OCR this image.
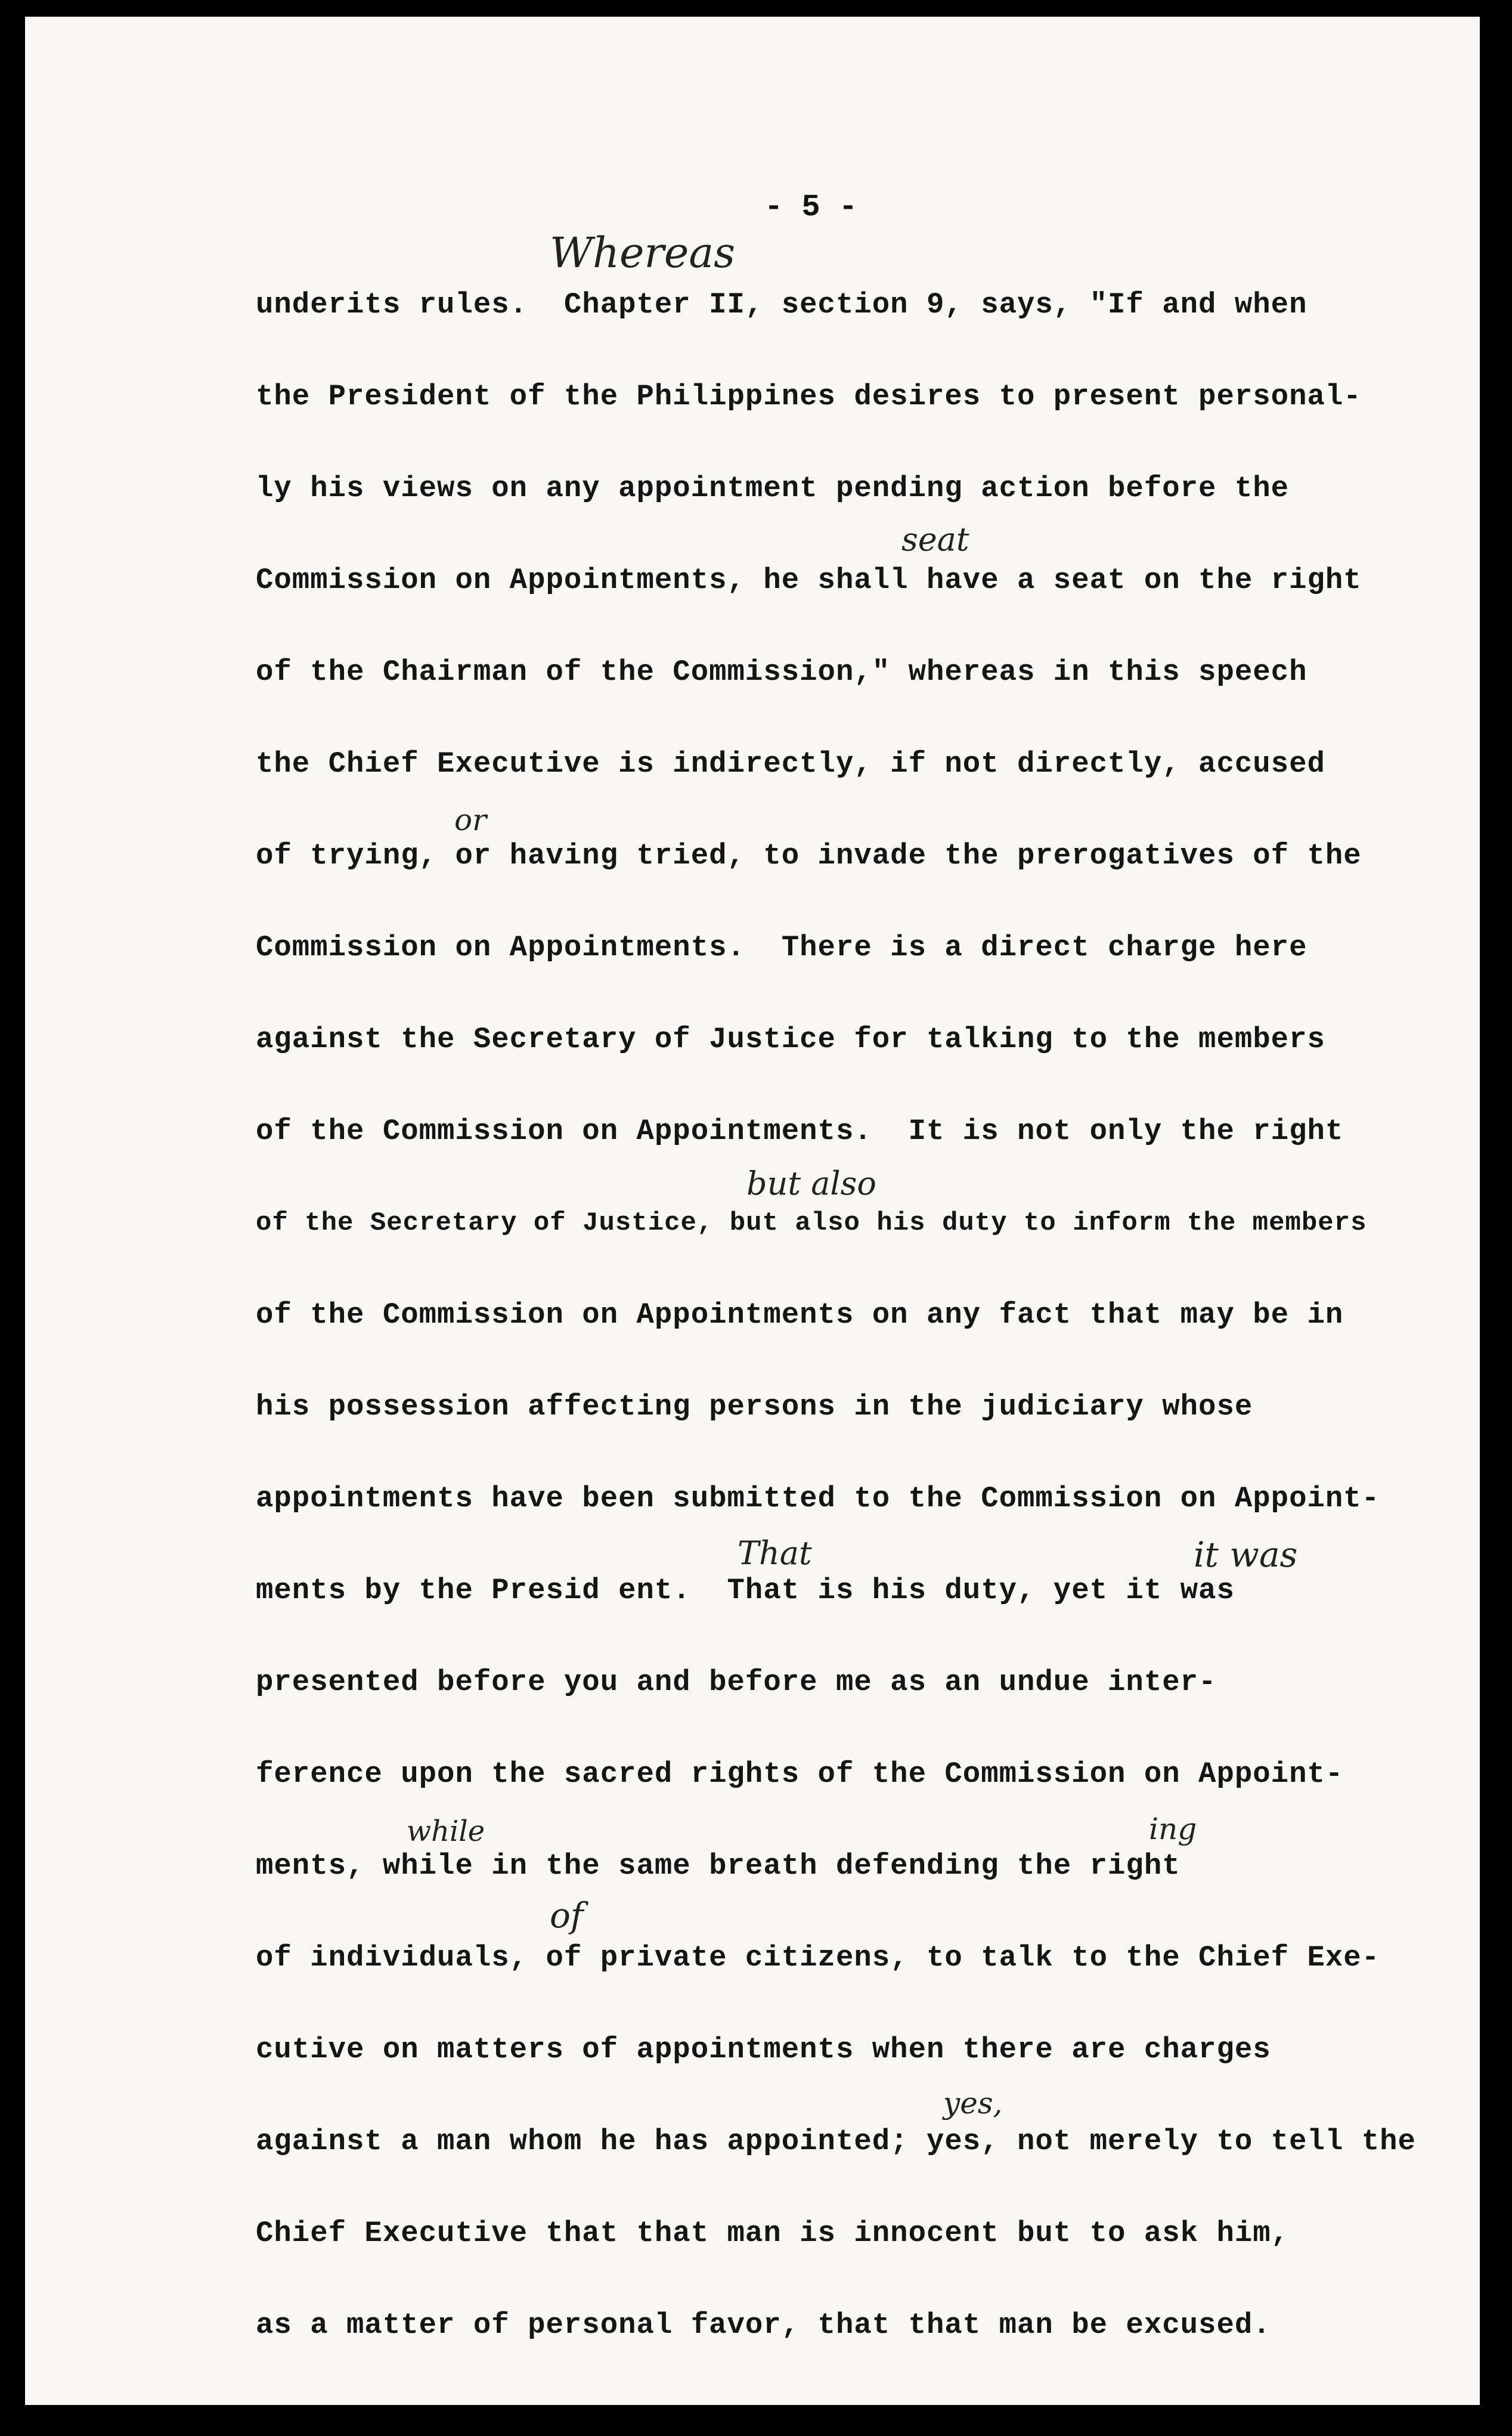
- 5 -
underits rules.  Chapter II, section 9, says, "If and when
the President of the Philippines desires to present personal-
ly his views on any appointment pending action before the
Commission on Appointments, he shall have a seat on the right
of the Chairman of the Commission," whereas in this speech
the Chief Executive is indirectly, if not directly, accused
of trying, or having tried, to invade the prerogatives of the
Commission on Appointments.  There is a direct charge here
against the Secretary of Justice for talking to the members
of the Commission on Appointments.  It is not only the right
of the Secretary of Justice, but also his duty to inform the members
of the Commission on Appointments on any fact that may be in
his possession affecting persons in the judiciary whose
appointments have been submitted to the Commission on Appoint-
ments by the Presid ent.  That is his duty, yet it was
presented before you and before me as an undue inter-
ference upon the sacred rights of the Commission on Appoint-
ments, while in the same breath defending the right
of individuals, of private citizens, to talk to the Chief Exe-
cutive on matters of appointments when there are charges
against a man whom he has appointed; yes, not merely to tell the
Chief Executive that that man is innocent but to ask him,
as a matter of personal favor, that that man be excused.
Whereas
seat
or
but also
That	it was
while	ing
of
yes,
